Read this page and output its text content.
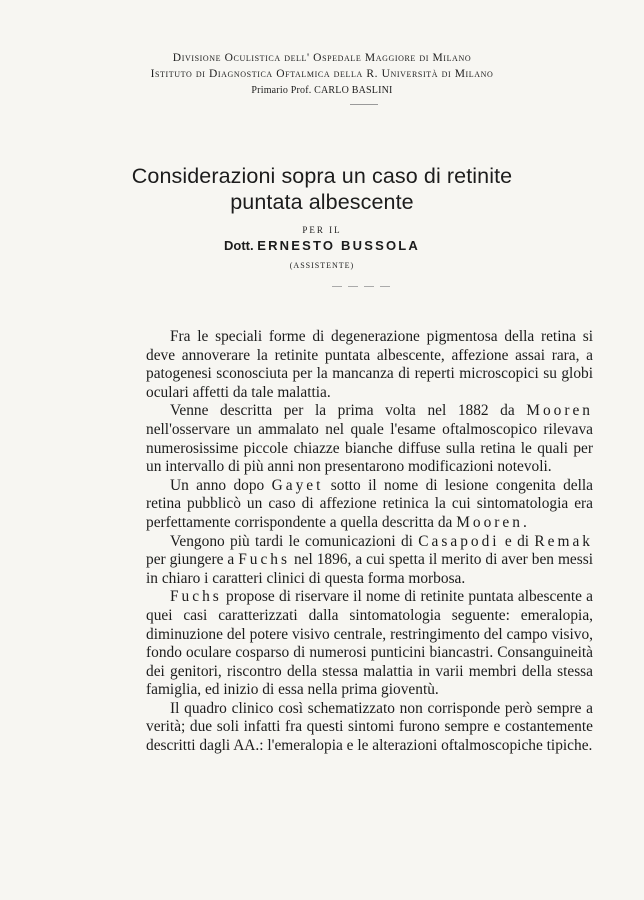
Divisione Oculistica dell' Ospedale Maggiore di Milano
Istituto di Diagnostica Oftalmica della R. Università di Milano
Primario Prof. CARLO BASLINI
Considerazioni sopra un caso di retinite
puntata albescente
PER IL
Dott. ERNESTO BUSSOLA
(ASSISTENTE)

Fra le speciali forme di degenerazione pigmentosa della retina si deve annoverare la retinite puntata albescente, affezione assai rara, a patogenesi sconosciuta per la mancanza di reperti microscopici su globi oculari affetti da tale malattia.

Venne descritta per la prima volta nel 1882 da Mooren nell'osservare un ammalato nel quale l'esame oftalmoscopico rilevava numerosissime piccole chiazze bianche diffuse sulla retina le quali per un intervallo di più anni non presentarono modificazioni notevoli.

Un anno dopo Gayet sotto il nome di lesione congenita della retina pubblicò un caso di affezione retinica la cui sintomatologia era perfettamente corrispondente a quella descritta da Mooren.

Vengono più tardi le comunicazioni di Casapodi e di Remak per giungere a Fuchs nel 1896, a cui spetta il merito di aver ben messi in chiaro i caratteri clinici di questa forma morbosa.

Fuchs propose di riservare il nome di retinite puntata albescente a quei casi caratterizzati dalla sintomatologia seguente: emeralopia, diminuzione del potere visivo centrale, restringimento del campo visivo, fondo oculare cosparso di numerosi punticini biancastri. Consanguineità dei genitori, riscontro della stessa malattia in varii membri della stessa famiglia, ed inizio di essa nella prima gioventù.

Il quadro clinico così schematizzato non corrisponde però sempre a verità; due soli infatti fra questi sintomi furono sempre e costantemente descritti dagli AA.: l'emeralopia e le alterazioni oftalmoscopiche tipiche.
